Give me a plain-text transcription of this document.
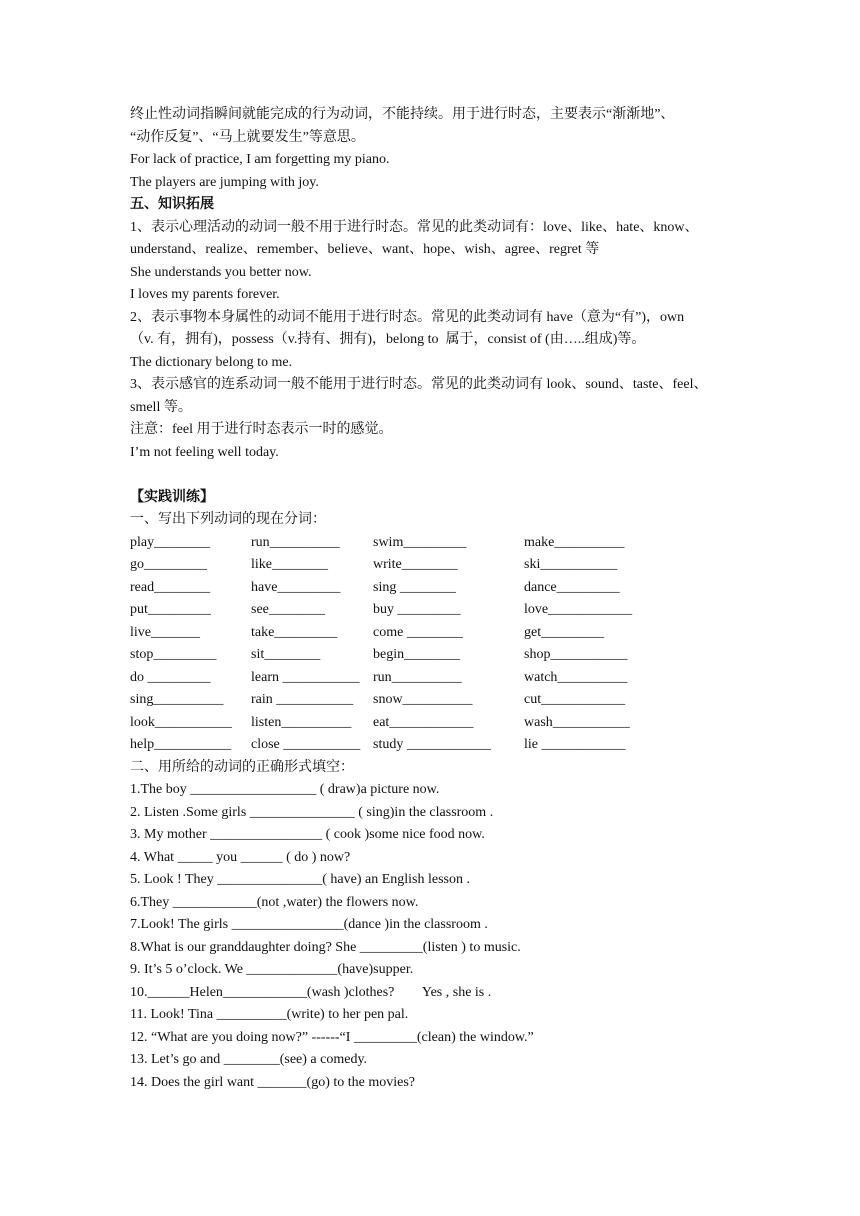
终止性动词指瞬间就能完成的行为动词，不能持续。用于进行时态，主要表示“渐渐地”、
“动作反复”、“马上就要发生”等意思。
For lack of practice, I am forgetting my piano.
The players are jumping with joy.
五、知识拓展
1、表示心理活动的动词一般不用于进行时态。常见的此类动词有：love、like、hate、know、
understand、realize、remember、believe、want、hope、wish、agree、regret 等
She understands you better now.
I loves my parents forever.
2、表示事物本身属性的动词不能用于进行时态。常见的此类动词有 have（意为“有”)，own
（v. 有，拥有)，possess（v.持有、拥有)，belong to  属于，consist of (由…..组成)等。
The dictionary belong to me.
3、表示感官的连系动词一般不能用于进行时态。常见的此类动词有 look、sound、taste、feel、
smell 等。
注意：feel 用于进行时态表示一时的感觉。
I’m not feeling well today.
【实践训练】
一、写出下列动词的现在分词：
play________	run__________ swim_________	make__________
go_________	like________	write________	ski___________
read________	have_________ sing ________	dance_________
put_________	see________	buy _________	love____________
live_______	take_________	come ________	get_________
stop_________ sit________	begin________	shop___________
do _________	learn ___________ run__________	watch__________
sing__________ rain ___________ snow__________	cut____________
look___________ listen__________ eat____________	wash___________
help___________ close ___________ study ____________ lie ____________
二、用所给的动词的正确形式填空：
1.The boy __________________ ( draw)a picture now.
2. Listen .Some girls _______________ ( sing)in the classroom .
3. My mother ________________ ( cook )some nice food now.
4. What _____ you ______ ( do ) now?
5. Look ! They _______________( have) an English lesson .
6.They ____________(not ,water) the flowers now.
7.Look! The girls ________________(dance )in the classroom .
8.What is our granddaughter doing? She _________(listen ) to music.
9. It’s 5 o’clock. We _____________(have)supper.
10.______Helen____________(wash )clothes?        Yes , she is .
11. Look! Tina __________(write) to her pen pal.
12. “What are you doing now?” ------“I _________(clean) the window.”
13. Let’s go and ________(see) a comedy.
14. Does the girl want _______(go) to the movies?
